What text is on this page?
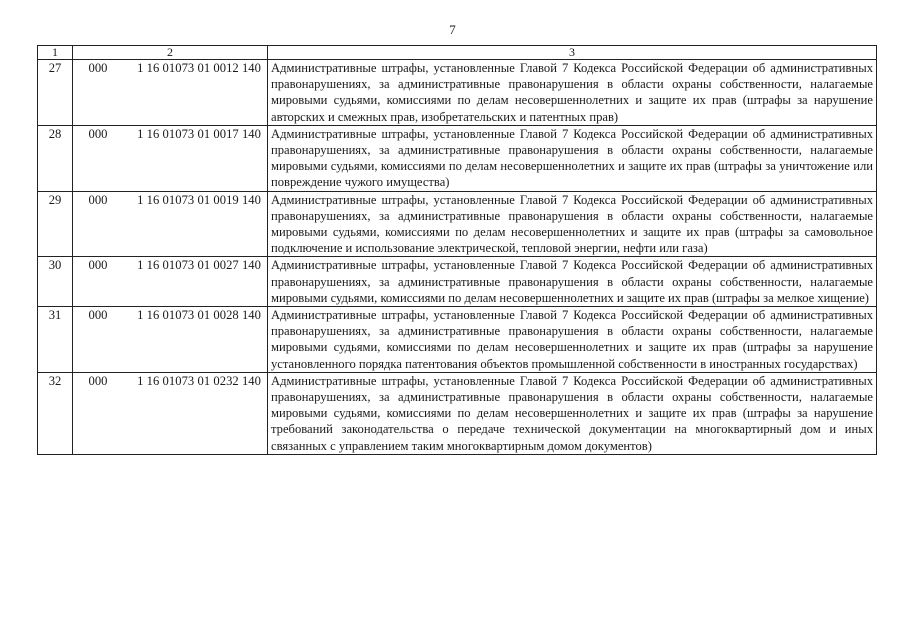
7
1	2	3
27	000 1 16 01073 01 0012 140	Административные штрафы, установленные Главой 7 Кодекса Российской Федерации об административных правонарушениях, за административные правонарушения в области охраны собственности, налагаемые мировыми судьями, комиссиями по делам несовершеннолетних и защите их прав (штрафы за нарушение авторских и смежных прав, изобретательских и патентных прав)
28	000 1 16 01073 01 0017 140	Административные штрафы, установленные Главой 7 Кодекса Российской Федерации об административных правонарушениях, за административные правонарушения в области охраны собственности, налагаемые мировыми судьями, комиссиями по делам несовершеннолетних и защите их прав (штрафы за уничтожение или повреждение чужого имущества)
29	000 1 16 01073 01 0019 140	Административные штрафы, установленные Главой 7 Кодекса Российской Федерации об административных правонарушениях, за административные правонарушения в области охраны собственности, налагаемые мировыми судьями, комиссиями по делам несовершеннолетних и защите их прав (штрафы за самовольное подключение и использование электрической, тепловой энергии, нефти или газа)
30	000 1 16 01073 01 0027 140	Административные штрафы, установленные Главой 7 Кодекса Российской Федерации об административных правонарушениях, за административные правонарушения в области охраны собственности, налагаемые мировыми судьями, комиссиями по делам несовершеннолетних и защите их прав (штрафы за мелкое хищение)
31	000 1 16 01073 01 0028 140	Административные штрафы, установленные Главой 7 Кодекса Российской Федерации об административных правонарушениях, за административные правонарушения в области охраны собственности, налагаемые мировыми судьями, комиссиями по делам несовершеннолетних и защите их прав (штрафы за нарушение установленного порядка патентования объектов промышленной собственности в иностранных государствах)
32	000 1 16 01073 01 0232 140	Административные штрафы, установленные Главой 7 Кодекса Российской Федерации об административных правонарушениях, за административные правонарушения в области охраны собственности, налагаемые мировыми судьями, комиссиями по делам несовершеннолетних и защите их прав (штрафы за нарушение требований законодательства о передаче технической документации на многоквартирный дом и иных связанных с управлением таким многоквартирным домом документов)
